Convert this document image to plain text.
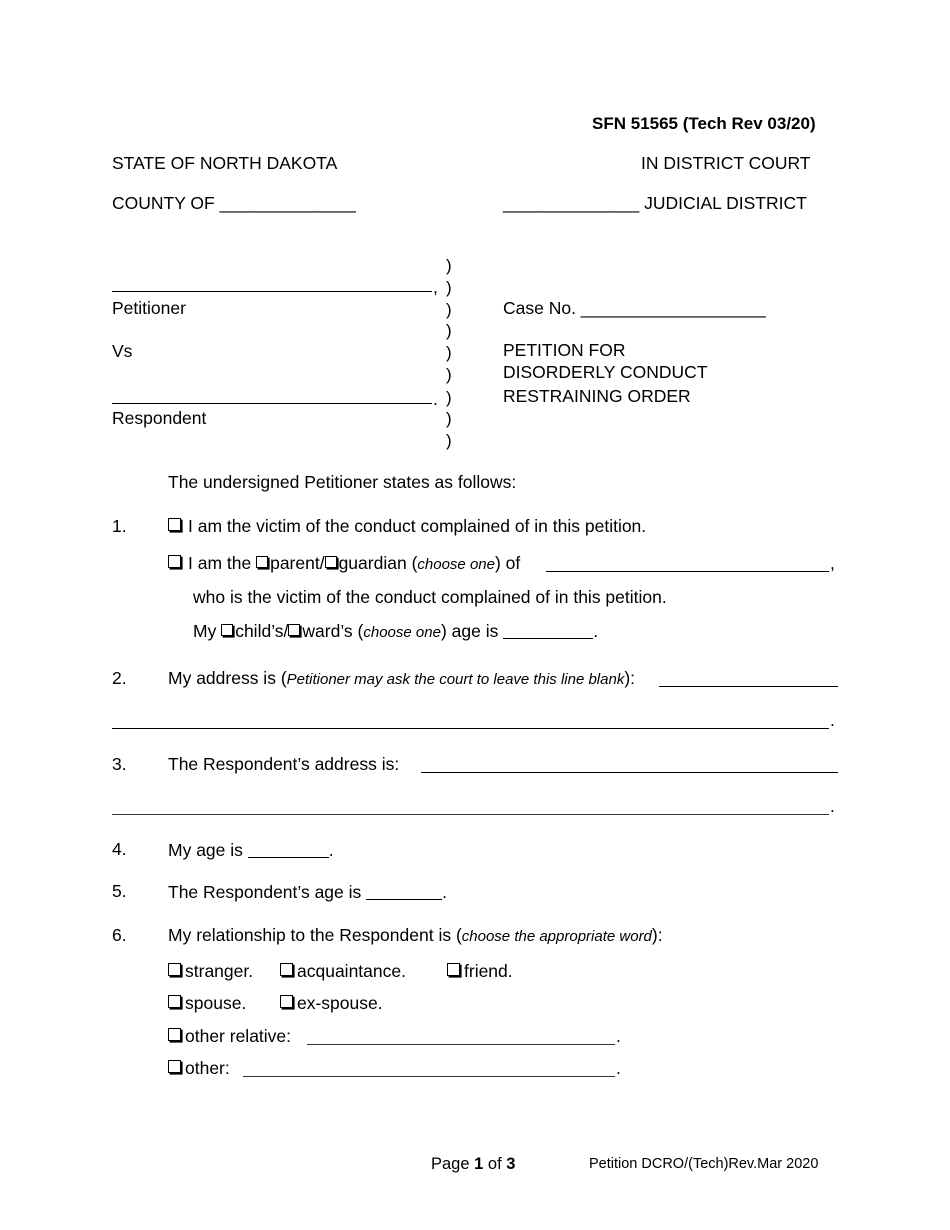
SFN 51565 (Tech Rev 03/20)
STATE OF NORTH DAKOTA	IN DISTRICT COURT
COUNTY OF ______________	______________ JUDICIAL DISTRICT
,
Petitioner
Vs
.
Respondent
)
)
)
)
)
)
)
)
)
Case No. ___________________
PETITION FOR
DISORDERLY CONDUCT
RESTRAINING ORDER
The undersigned Petitioner states as follows:
1.	I am the victim of the conduct complained of in this petition.
I am the parent/ guardian (choose one) of	,
who is the victim of the conduct complained of in this petition.
My child’s/ ward’s (choose one) age is	.
2. My address is (Petitioner may ask the court to leave this line blank):
.
3. The Respondent’s address is:
.
4. My age is	.
5. The Respondent’s age is	.
6. My relationship to the Respondent is (choose the appropriate word):
stranger.	acquaintance.	friend.
spouse.	ex-spouse.
other relative:	.
other:	.
Page 1 of 3	Petition DCRO/(Tech)Rev.Mar 2020
